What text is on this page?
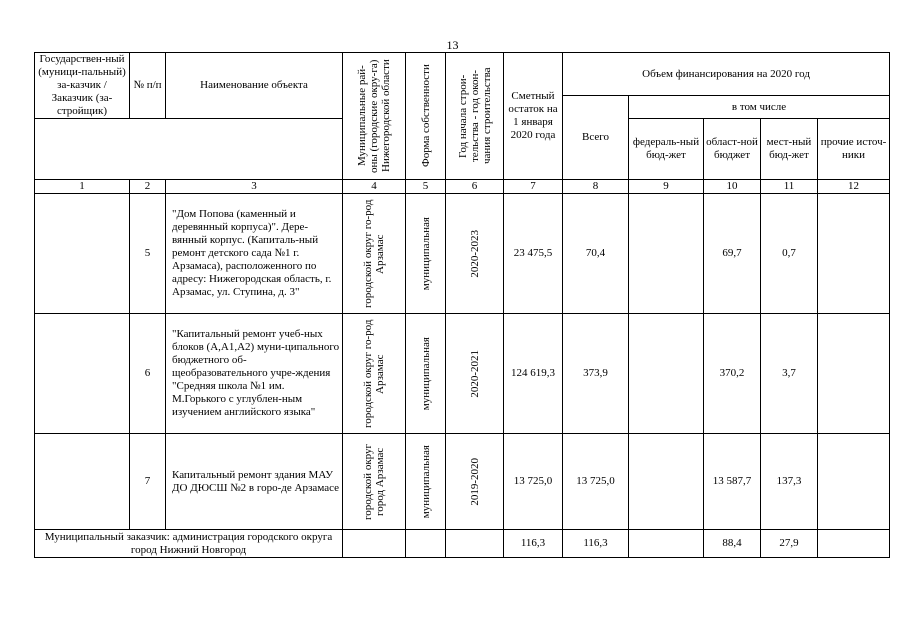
13
Государствен-ный (муници-пальный) за-казчик / Заказчик (за-стройщик)	№ п/п	Наименование объекта	Муниципальные рай-оны (городские окру-га) Нижегородской области	Форма собственности	Год начала строи-тельства - год окон-чания строительства	Сметный остаток на 1 января 2020 года	Объем финансирования на 2020 год				
							Всего	в том числе			
								федераль-ный бюд-жет	област-ной бюджет	мест-ный бюд-жет	прочие источ-ники
1	2	3	4	5	6	7	8	9	10	11	12
	5	"Дом Попова (каменный и деревянный корпуса)". Дере-вянный корпус. (Капиталь-ный ремонт детского сада №1 г. Арзамаса), расположенного по адресу: Нижегородская область, г. Арзамас, ул. Ступина, д. 3"	городской округ го-род Арзамас	муниципальная	2020-2023	23 475,5	70,4		69,7	0,7	
	6	"Капитальный ремонт учеб-ных блоков (А,А1,А2) муни-ципального бюджетного об-щеобразовательного учре-ждения "Средняя школа №1 им. М.Горького с углублен-ным изучением английского языка"	городской округ го-род Арзамас	муниципальная	2020-2021	124 619,3	373,9		370,2	3,7	
	7	Капитальный ремонт здания МАУ ДО ДЮСШ №2 в горо-де Арзамасе	городской округ город Арзамас	муниципальная	2019-2020	13 725,0	13 725,0		13 587,7	137,3	
Муниципальный заказчик: администрация городского округа город Нижний Новгород						116,3	116,3		88,4	27,9	
